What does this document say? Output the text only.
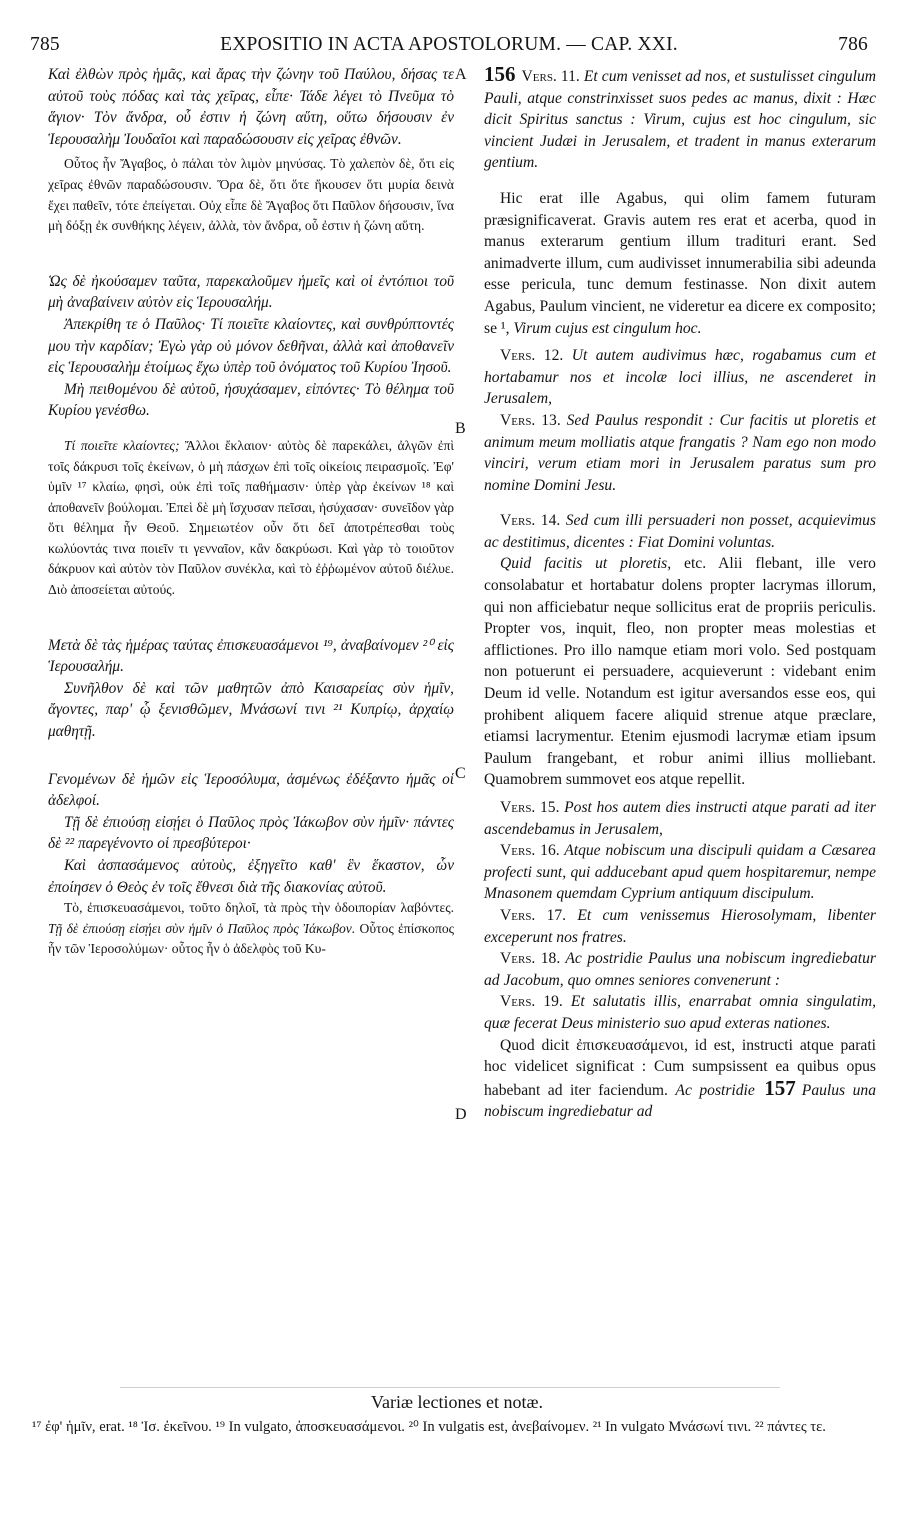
785	EXPOSITIO IN ACTA APOSTOLORUM. — CAP. XXI.	786
A
B
C
D

Καὶ ἐλθὼν πρὸς ἡμᾶς, καὶ ἄρας τὴν ζώνην τοῦ Παύλου, δήσας τε αὐτοῦ τοὺς πόδας καὶ τὰς χεῖρας, εἶπε· Τάδε λέγει τὸ Πνεῦμα τὸ ἅγιον· Τὸν ἄνδρα, οὗ ἐστιν ἡ ζώνη αὕτη, οὕτω δήσουσιν ἐν Ἱερουσαλὴμ Ἰουδαῖοι καὶ παραδώσουσιν εἰς χεῖρας ἐθνῶν.

Οὗτος ἦν Ἄγαβος, ὁ πάλαι τὸν λιμὸν μηνύσας. Τὸ χαλεπὸν δὲ, ὅτι εἰς χεῖρας ἐθνῶν παραδώσουσιν. Ὅρα δὲ, ὅτι ὅτε ἤκουσεν ὅτι μυρία δεινὰ ἔχει παθεῖν, τότε ἐπείγεται. Οὐχ εἶπε δὲ Ἄγαβος ὅτι Παῦλον δήσουσιν, ἵνα μὴ δόξῃ ἐκ συνθήκης λέγειν, ἀλλὰ, τὸν ἄνδρα, οὗ ἐστιν ἡ ζώνη αὕτη.

Ὡς δὲ ἠκούσαμεν ταῦτα, παρεκαλοῦμεν ἡμεῖς καὶ οἱ ἐντόπιοι τοῦ μὴ ἀναβαίνειν αὐτὸν εἰς Ἱερουσαλήμ.

Ἀπεκρίθη τε ὁ Παῦλος· Τί ποιεῖτε κλαίοντες, καὶ συνθρύπτοντές μου τὴν καρδίαν; Ἐγὼ γὰρ οὐ μόνον δεθῆναι, ἀλλὰ καὶ ἀποθανεῖν εἰς Ἱερουσαλὴμ ἑτοίμως ἔχω ὑπὲρ τοῦ ὀνόματος τοῦ Κυρίου Ἰησοῦ.

Μὴ πειθομένου δὲ αὐτοῦ, ἡσυχάσαμεν, εἰπόντες· Τὸ θέλημα τοῦ Κυρίου γενέσθω.

Τί ποιεῖτε κλαίοντες; Ἄλλοι ἔκλαιον· αὐτὸς δὲ παρεκάλει, ἀλγῶν ἐπὶ τοῖς δάκρυσι τοῖς ἐκείνων, ὁ μὴ πάσχων ἐπὶ τοῖς οἰκείοις πειρασμοῖς. Ἐφ' ὑμῖν ¹⁷ κλαίω, φησὶ, οὐκ ἐπὶ τοῖς παθήμασιν· ὑπὲρ γὰρ ἐκείνων ¹⁸ καὶ ἀποθανεῖν βούλομαι. Ἐπεὶ δὲ μὴ ἴσχυσαν πεῖσαι, ἡσύχασαν· συνεῖδον γὰρ ὅτι θέλημα ἦν Θεοῦ. Σημειωτέον οὖν ὅτι δεῖ ἀποτρέπεσθαι τοὺς κωλύοντάς τινα ποιεῖν τι γενναῖον, κἂν δακρύωσι. Καὶ γὰρ τὸ τοιοῦτον δάκρυον καὶ αὐτὸν τὸν Παῦλον συνέκλα, καὶ τὸ ἐῤῥωμένον αὐτοῦ διέλυε. Διὸ ἀποσείεται αὐτούς.

Μετὰ δὲ τὰς ἡμέρας ταύτας ἐπισκευασάμενοι ¹⁹, ἀναβαίνομεν ²⁰ εἰς Ἱερουσαλήμ.

Συνῆλθον δὲ καὶ τῶν μαθητῶν ἀπὸ Καισαρείας σὺν ἡμῖν, ἄγοντες, παρ' ᾧ ξενισθῶμεν, Μνάσωνί τινι ²¹ Κυπρίῳ, ἀρχαίῳ μαθητῇ.

Γενομένων δὲ ἡμῶν εἰς Ἱεροσόλυμα, ἀσμένως ἐδέξαντο ἡμᾶς οἱ ἀδελφοί.

Τῇ δὲ ἐπιούσῃ εἰσῄει ὁ Παῦλος πρὸς Ἰάκωβον σὺν ἡμῖν· πάντες δὲ ²² παρεγένοντο οἱ πρεσβύτεροι·

Καὶ ἀσπασάμενος αὐτοὺς, ἐξηγεῖτο καθ' ἓν ἕκαστον, ὧν ἐποίησεν ὁ Θεὸς ἐν τοῖς ἔθνεσι διὰ τῆς διακονίας αὐτοῦ.

Τὸ, ἐπισκευασάμενοι, τοῦτο δηλοῖ, τὰ πρὸς τὴν ὁδοιπορίαν λαβόντες. Τῇ δὲ ἐπιούσῃ εἰσῄει σὺν ἡμῖν ὁ Παῦλος πρὸς Ἰάκωβον. Οὗτος ἐπίσκοπος ἦν τῶν Ἱεροσολύμων· οὗτος ἦν ὁ ἀδελφὸς τοῦ Κυ-

156 Vers. 11. Et cum venisset ad nos, et sustulisset cingulum Pauli, atque constrinxisset suos pedes ac manus, dixit : Hæc dicit Spiritus sanctus : Virum, cujus est hoc cingulum, sic vincient Judæi in Jerusalem, et tradent in manus exterarum gentium.

Hic erat ille Agabus, qui olim famem futuram præsignificaverat. Gravis autem res erat et acerba, quod in manus exterarum gentium illum tradituri erant. Sed animadverte illum, cum audivisset innumerabilia sibi adeunda esse pericula, tunc demum festinasse. Non dixit autem Agabus, Paulum vincient, ne videretur ea dicere ex composito; se ¹, Virum cujus est cingulum hoc.

Vers. 12. Ut autem audivimus hæc, rogabamus cum et hortabamur nos et incolæ loci illius, ne ascenderet in Jerusalem,

Vers. 13. Sed Paulus respondit : Cur facitis ut ploretis et animum meum molliatis atque frangatis ? Nam ego non modo vinciri, verum etiam mori in Jerusalem paratus sum pro nomine Domini Jesu.

Vers. 14. Sed cum illi persuaderi non posset, acquievimus ac destitimus, dicentes : Fiat Domini voluntas.

Quid facitis ut ploretis, etc. Alii flebant, ille vero consolabatur et hortabatur dolens propter lacrymas illorum, qui non afficiebatur neque sollicitus erat de propriis periculis. Propter vos, inquit, fleo, non propter meas molestias et afflictiones. Pro illo namque etiam mori volo. Sed postquam non potuerunt ei persuadere, acquieverunt : videbant enim Deum id velle. Notandum est igitur aversandos esse eos, qui prohibent aliquem facere aliquid strenue atque præclare, etiamsi lacrymentur. Etenim ejusmodi lacrymæ etiam ipsum Paulum frangebant, et robur animi illius molliebant. Quamobrem summovet eos atque repellit.

Vers. 15. Post hos autem dies instructi atque parati ad iter ascendebamus in Jerusalem,

Vers. 16. Atque nobiscum una discipuli quidam a Cæsarea profecti sunt, qui adducebant apud quem hospitaremur, nempe Mnasonem quemdam Cyprium antiquum discipulum.

Vers. 17. Et cum venissemus Hierosolymam, libenter exceperunt nos fratres.

Vers. 18. Ac postridie Paulus una nobiscum ingrediebatur ad Jacobum, quo omnes seniores convenerunt :

Vers. 19. Et salutatis illis, enarrabat omnia singulatim, quæ fecerat Deus ministerio suo apud exteras nationes.

Quod dicit ἐπισκευασάμενοι, id est, instructi atque parati hoc videlicet significat : Cum sumpsissent ea quibus opus habebant ad iter faciendum. Ac postridie 157 Paulus una nobiscum ingrediebatur ad

Variæ lectiones et notæ.
¹⁷ ἐφ' ἡμῖν, erat. ¹⁸ Ἰσ. ἐκεῖνου. ¹⁹ In vulgato, ἀποσκευασάμενοι. ²⁰ In vulgatis est, ἀνεβαίνομεν. ²¹ In vulgato Μνάσωνί τινι. ²² πάντες τε.
